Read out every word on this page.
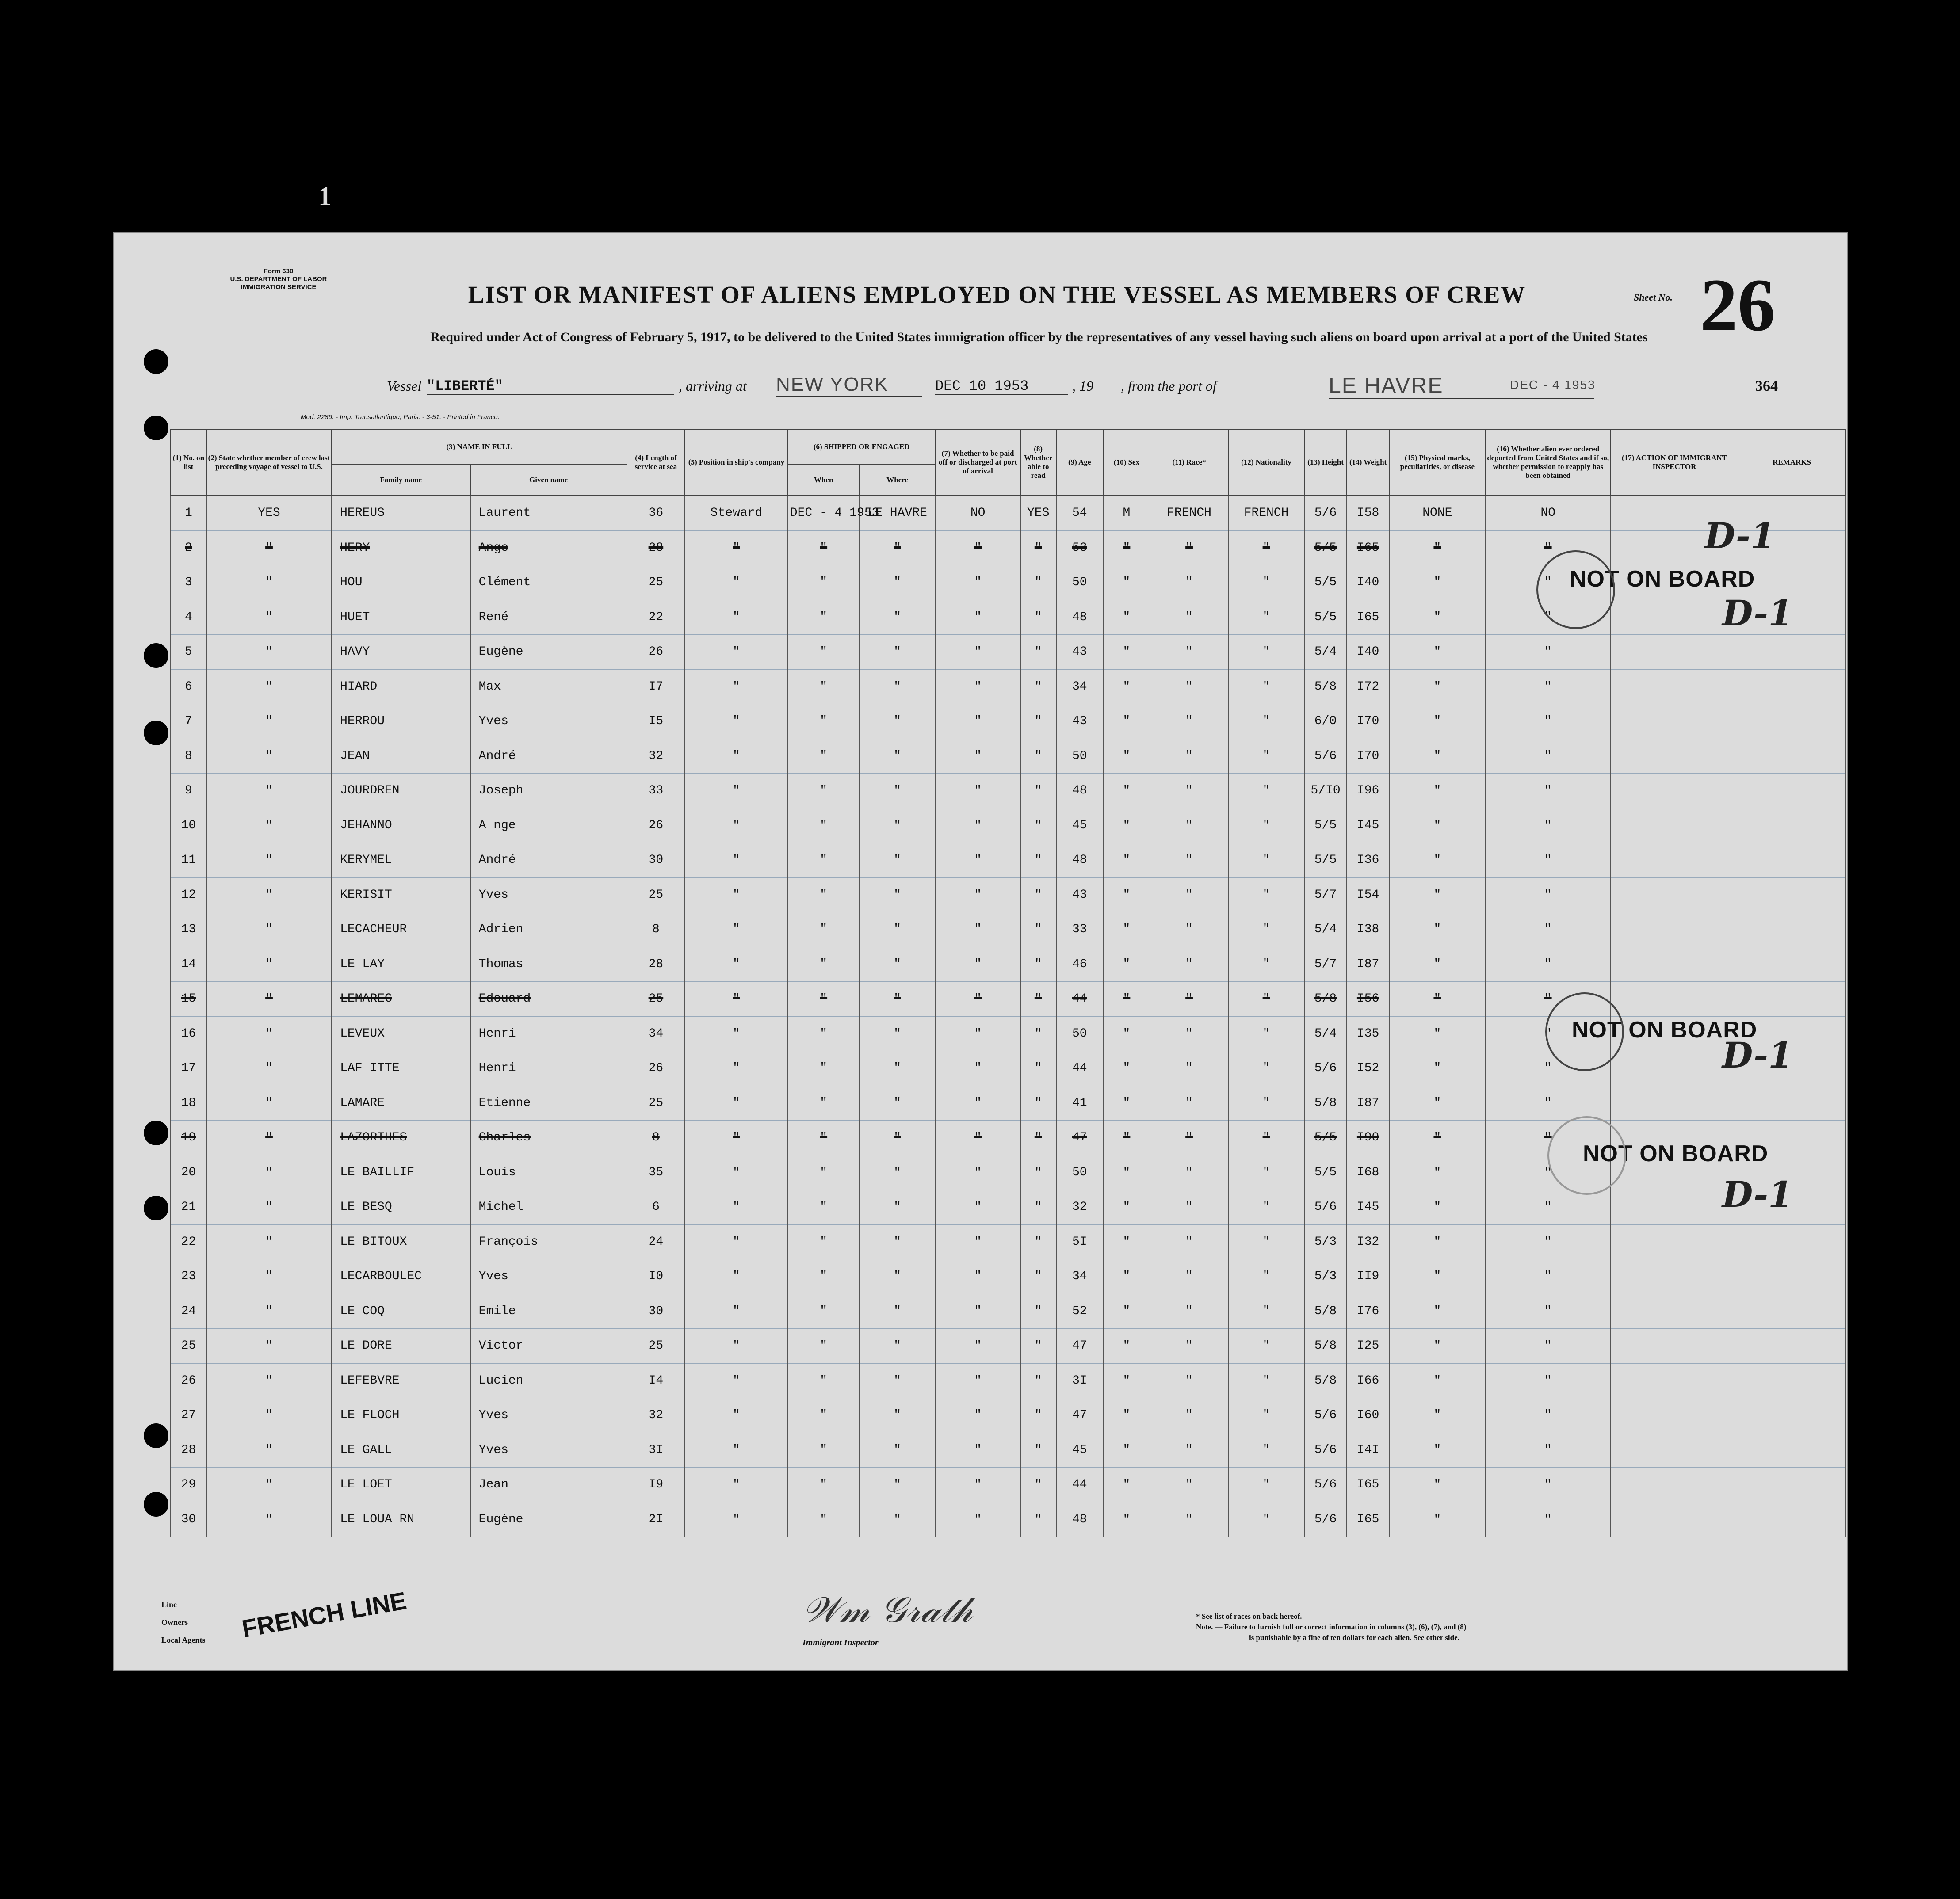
1
Form 630
U.S. DEPARTMENT OF LABOR
IMMIGRATION SERVICE	LIST OR MANIFEST OF ALIENS EMPLOYED ON THE VESSEL AS MEMBERS OF CREW	Sheet No. 26
Required under Act of Congress of February 5, 1917, to be delivered to the United States immigration officer by the representatives of any vessel having such aliens on board upon arrival at a port of the United States
Vessel "LIBERTÉ"	, arriving at NEW YORK	DEC 10 1953	, 19 , from the port of	LE HAVRE	DEC - 4 1953	364
Mod. 2286. - Imp. Transatlantique, Paris. - 3-51. - Printed in France.
(1) No. on list	(2) State whether member of crew last preceding voyage of vessel to U.S.	(3) NAME IN FULL		(4) Length of service at sea	(5) Position in ship's company	(6) SHIPPED OR ENGAGED		(7) Whether to be paid off or discharged at port of arrival	(8) Whether able to read	(9) Age	(10) Sex	(11) Race*	(12) Nationality	(13) Height	(14) Weight	(15) Physical marks, peculiarities, or disease	(16) Whether alien ever ordered deported from United States and if so, whether permission to reapply has been obtained	(17) ACTION OF IMMIGRANT INSPECTOR	REMARKS
		Family name	Given name			When	Where												
1	YES	HEREUS	Laurent	36	Steward	DEC - 4 1953	LE HAVRE	NO	YES	54	M	FRENCH	FRENCH	5/6	I58	NONE	NO		
2	"	HERY	Ange	28	"	"	"	"	"	53	"	"	"	5/5	I65	"	"		
3	"	HOU	Clément	25	"	"	"	"	"	50	"	"	"	5/5	I40	"	"		
4	"	HUET	René	22	"	"	"	"	"	48	"	"	"	5/5	I65	"	"		
5	"	HAVY	Eugène	26	"	"	"	"	"	43	"	"	"	5/4	I40	"	"		
6	"	HIARD	Max	I7	"	"	"	"	"	34	"	"	"	5/8	I72	"	"		
7	"	HERROU	Yves	I5	"	"	"	"	"	43	"	"	"	6/0	I70	"	"		
8	"	JEAN	André	32	"	"	"	"	"	50	"	"	"	5/6	I70	"	"		
9	"	JOURDREN	Joseph	33	"	"	"	"	"	48	"	"	"	5/I0	I96	"	"		
10	"	JEHANNO	A nge	26	"	"	"	"	"	45	"	"	"	5/5	I45	"	"		
11	"	KERYMEL	André	30	"	"	"	"	"	48	"	"	"	5/5	I36	"	"		
12	"	KERISIT	Yves	25	"	"	"	"	"	43	"	"	"	5/7	I54	"	"		
13	"	LECACHEUR	Adrien	8	"	"	"	"	"	33	"	"	"	5/4	I38	"	"		
14	"	LE LAY	Thomas	28	"	"	"	"	"	46	"	"	"	5/7	I87	"	"		
15	"	LEMAREC	Edouard	25	"	"	"	"	"	44	"	"	"	5/8	I56	"	"		
16	"	LEVEUX	Henri	34	"	"	"	"	"	50	"	"	"	5/4	I35	"	"		
17	"	LAF ITTE	Henri	26	"	"	"	"	"	44	"	"	"	5/6	I52	"	"		
18	"	LAMARE	Etienne	25	"	"	"	"	"	41	"	"	"	5/8	I87	"	"		
19	"	LAZORTHES	Charles	8	"	"	"	"	"	47	"	"	"	5/5	I90	"	"		
20	"	LE BAILLIF	Louis	35	"	"	"	"	"	50	"	"	"	5/5	I68	"	"		
21	"	LE BESQ	Michel	6	"	"	"	"	"	32	"	"	"	5/6	I45	"	"		
22	"	LE BITOUX	François	24	"	"	"	"	"	5I	"	"	"	5/3	I32	"	"		
23	"	LECARBOULEC	Yves	I0	"	"	"	"	"	34	"	"	"	5/3	II9	"	"		
24	"	LE COQ	Emile	30	"	"	"	"	"	52	"	"	"	5/8	I76	"	"		
25	"	LE DORE	Victor	25	"	"	"	"	"	47	"	"	"	5/8	I25	"	"		
26	"	LEFEBVRE	Lucien	I4	"	"	"	"	"	3I	"	"	"	5/8	I66	"	"		
27	"	LE FLOCH	Yves	32	"	"	"	"	"	47	"	"	"	5/6	I60	"	"		
28	"	LE GALL	Yves	3I	"	"	"	"	"	45	"	"	"	5/6	I4I	"	"		
29	"	LE LOET	Jean	I9	"	"	"	"	"	44	"	"	"	5/6	I65	"	"		
30	"	LE LOUA RN	Eugène	2I	"	"	"	"	"	48	"	"	"	5/6	I65	"	"		
NOT ON BOARD
NOT ON BOARD
NOT ON BOARD
D-1
D-1
D-1
D-1
Line
Owners
Local Agents FRENCH LINE	𝒲𝓂 𝒢𝓇𝒶𝓉𝒽
Immigrant Inspector
* See list of races on back hereof.
Note. — Failure to furnish full or correct information in columns (3), (6), (7), and (8)
is punishable by a fine of ten dollars for each alien. See other side.
